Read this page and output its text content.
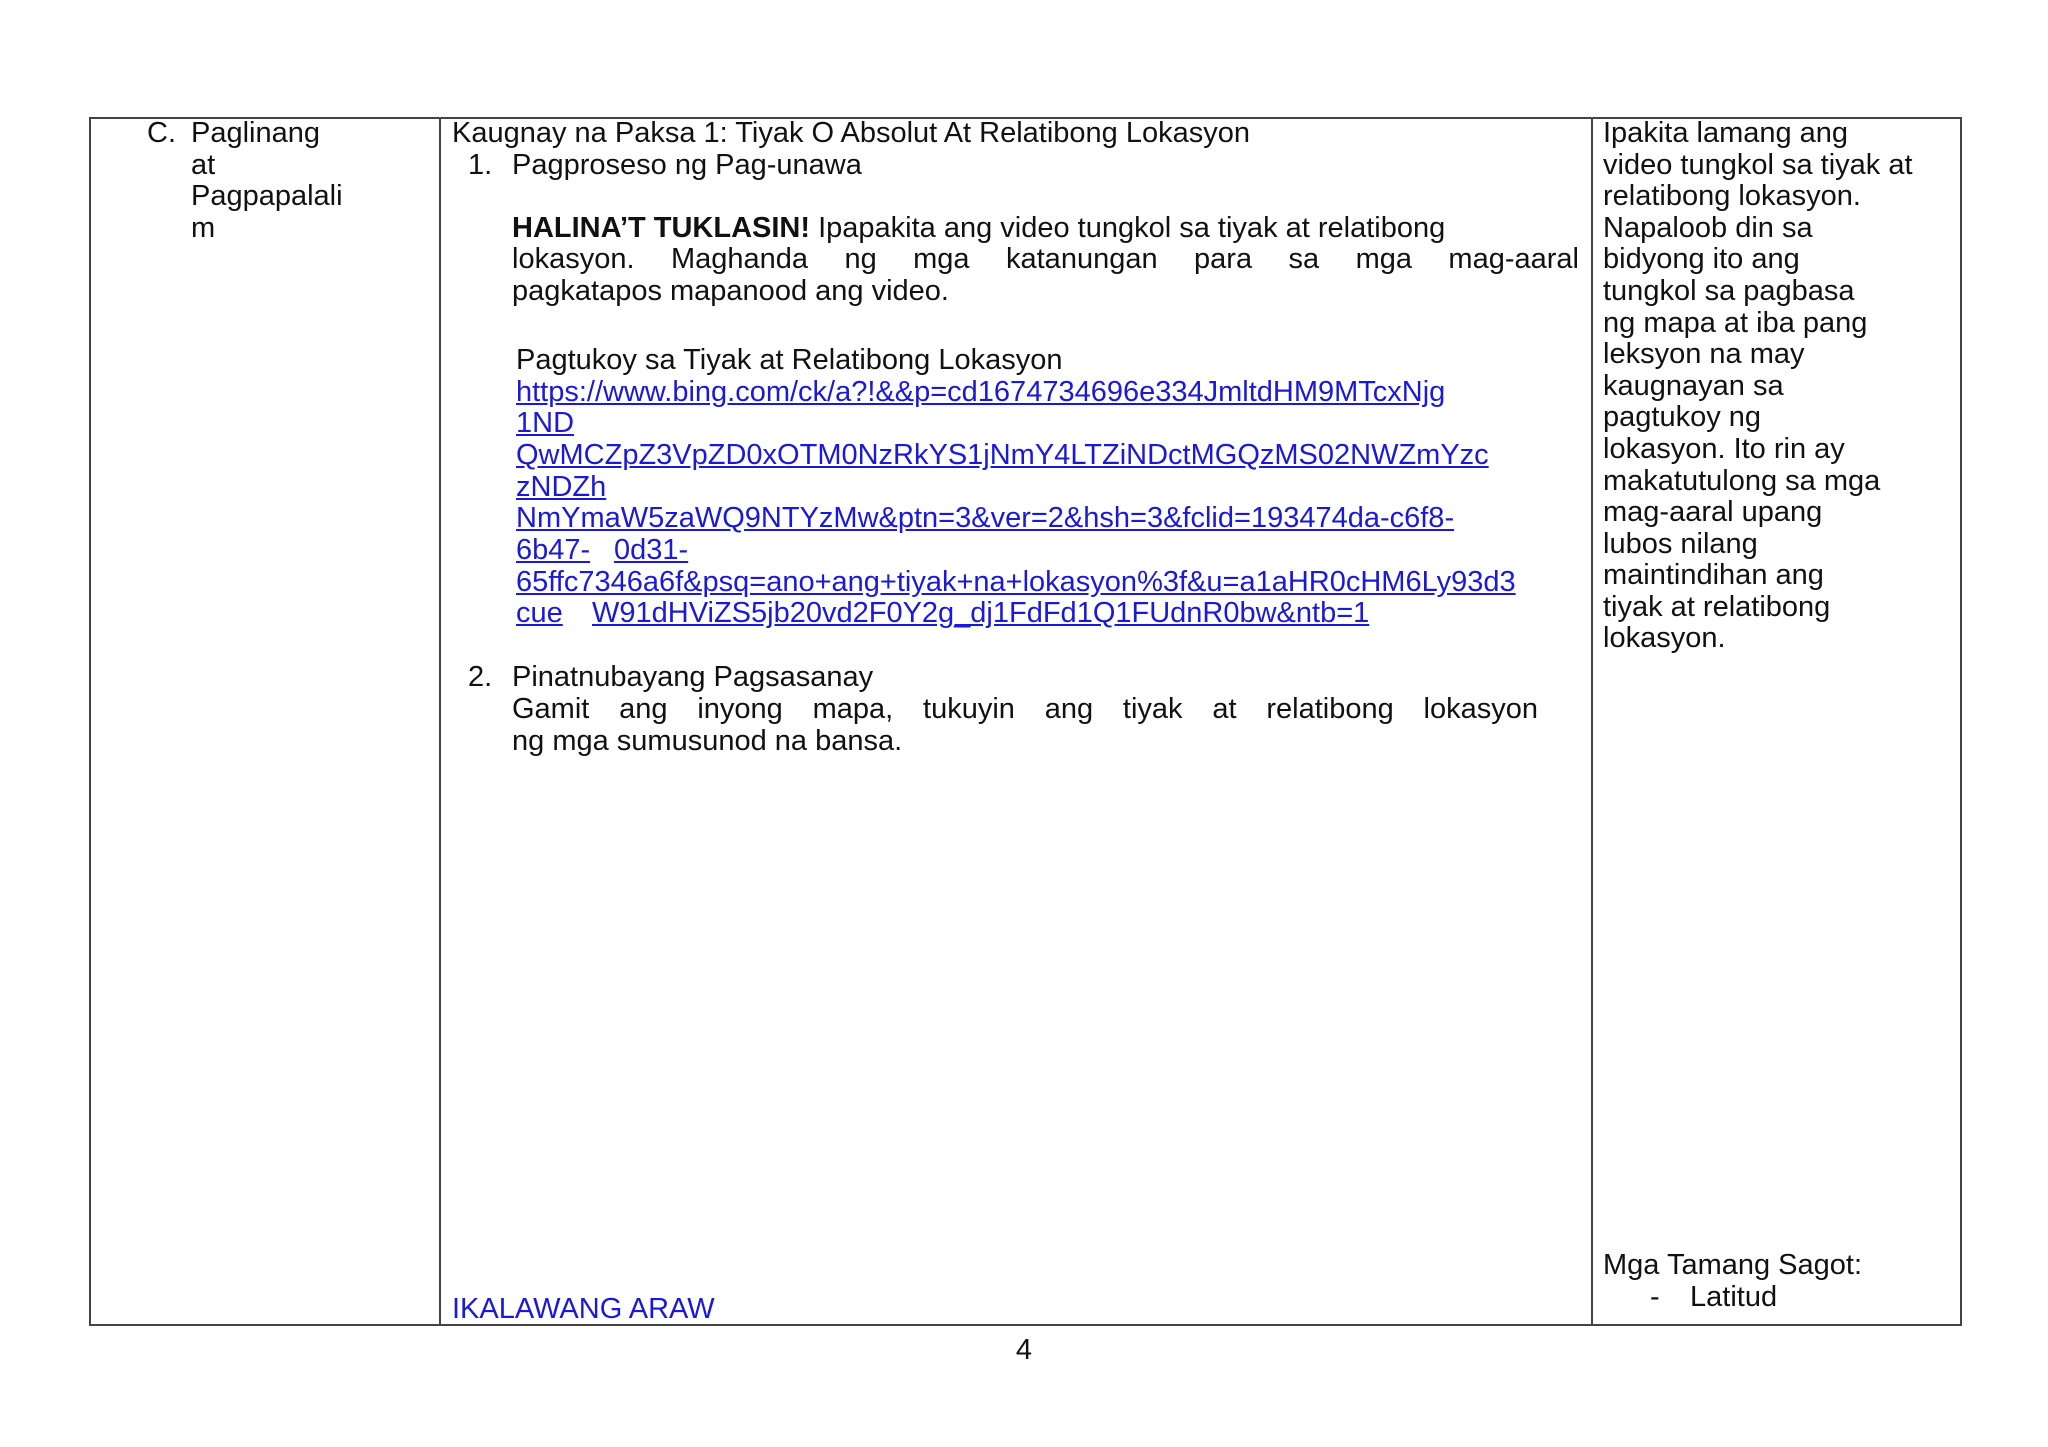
C. Paglinang
at
Pagpapalali
m
Kaugnay na Paksa 1: Tiyak O Absolut At Relatibong Lokasyon
1. Pagproseso ng Pag-unawa
HALINA’T TUKLASIN! Ipapakita ang video tungkol sa tiyak at relatibong
lokasyon. Maghanda ng mga katanungan para sa mga mag-aaral
pagkatapos mapanood ang video.
Pagtukoy sa Tiyak at Relatibong Lokasyon
https://www.bing.com/ck/a?!&&p=cd1674734696e334JmltdHM9MTcxNjg
1ND
QwMCZpZ3VpZD0xOTM0NzRkYS1jNmY4LTZiNDctMGQzMS02NWZmYzc
zNDZh
NmYmaW5zaWQ9NTYzMw&ptn=3&ver=2&hsh=3&fclid=193474da-c6f8-
6b47- 0d31-
65ffc7346a6f&psq=ano+ang+tiyak+na+lokasyon%3f&u=a1aHR0cHM6Ly93d3
cue W91dHViZS5jb20vd2F0Y2g_dj1FdFd1Q1FUdnR0bw&ntb=1
2. Pinatnubayang Pagsasanay
Gamit ang inyong mapa, tukuyin ang tiyak at relatibong lokasyon
ng mga sumusunod na bansa.
IKALAWANG ARAW
Ipakita lamang ang
video tungkol sa tiyak at
relatibong lokasyon.
Napaloob din sa
bidyong ito ang
tungkol sa pagbasa
ng mapa at iba pang
leksyon na may
kaugnayan sa
pagtukoy ng
lokasyon. Ito rin ay
makatutulong sa mga
mag-aaral upang
lubos nilang
maintindihan ang
tiyak at relatibong
lokasyon.
Mga Tamang Sagot:
- Latitud
4
